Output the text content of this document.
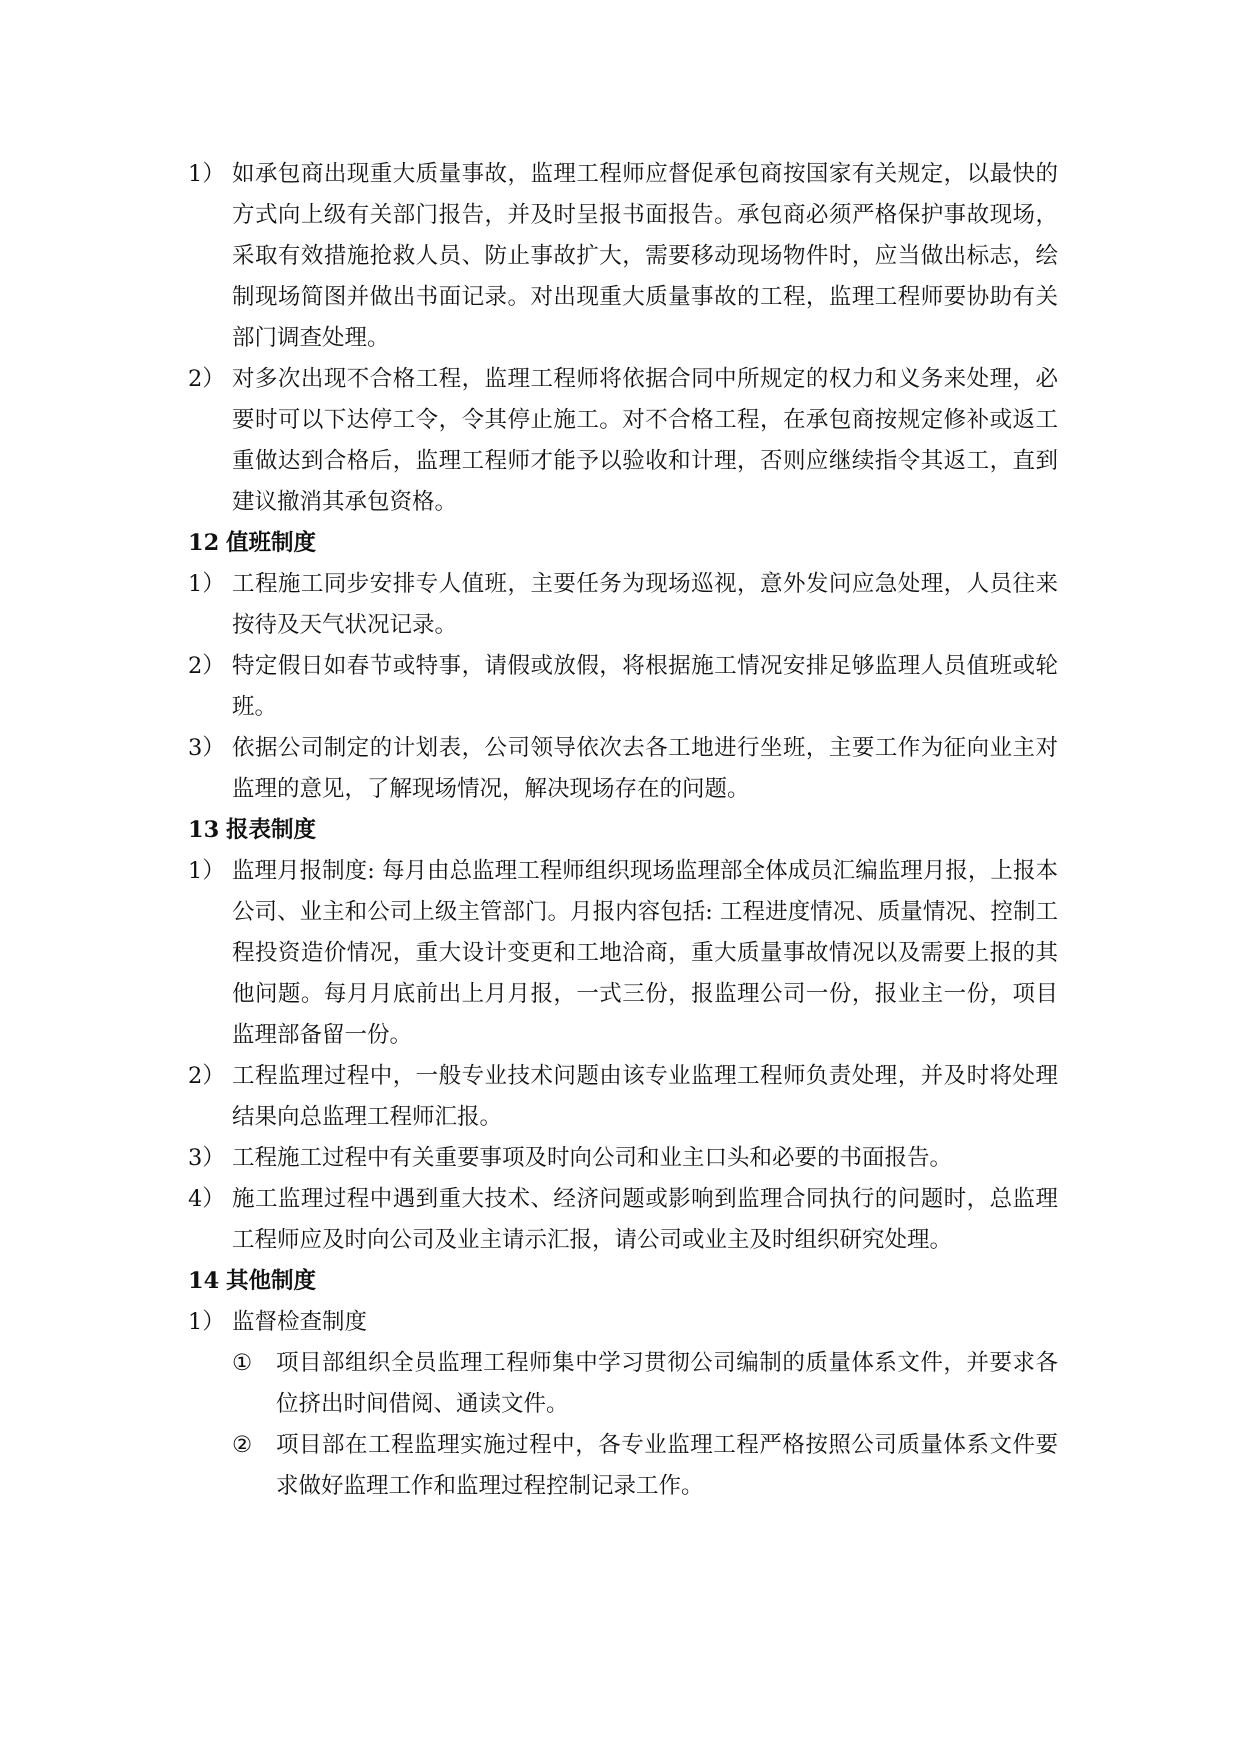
1） 如承包商出现重大质量事故，监理工程师应督促承包商按国家有关规定，以最快的方式向上级有关部门报告，并及时呈报书面报告。承包商必须严格保护事故现场，采取有效措施抢救人员、防止事故扩大，需要移动现场物件时，应当做出标志，绘制现场简图并做出书面记录。对出现重大质量事故的工程，监理工程师要协助有关部门调查处理。
2） 对多次出现不合格工程，监理工程师将依据合同中所规定的权力和义务来处理，必要时可以下达停工令，令其停止施工。对不合格工程，在承包商按规定修补或返工重做达到合格后，监理工程师才能予以验收和计理，否则应继续指令其返工，直到建议撤消其承包资格。
12 值班制度
1） 工程施工同步安排专人值班，主要任务为现场巡视，意外发问应急处理，人员往来按待及天气状况记录。
2） 特定假日如春节或特事，请假或放假，将根据施工情况安排足够监理人员值班或轮班。
3） 依据公司制定的计划表，公司领导依次去各工地进行坐班，主要工作为征向业主对监理的意见，了解现场情况，解决现场存在的问题。
13 报表制度
1） 监理月报制度: 每月由总监理工程师组织现场监理部全体成员汇编监理月报，上报本公司、业主和公司上级主管部门。月报内容包括: 工程进度情况、质量情况、控制工程投资造价情况，重大设计变更和工地洽商，重大质量事故情况以及需要上报的其他问题。每月月底前出上月月报，一式三份，报监理公司一份，报业主一份，项目监理部备留一份。
2） 工程监理过程中，一般专业技术问题由该专业监理工程师负责处理，并及时将处理结果向总监理工程师汇报。
3） 工程施工过程中有关重要事项及时向公司和业主口头和必要的书面报告。
4） 施工监理过程中遇到重大技术、经济问题或影响到监理合同执行的问题时，总监理工程师应及时向公司及业主请示汇报，请公司或业主及时组织研究处理。
14 其他制度
1） 监督检查制度
①	项目部组织全员监理工程师集中学习贯彻公司编制的质量体系文件，并要求各位挤出时间借阅、通读文件。
②	项目部在工程监理实施过程中，各专业监理工程严格按照公司质量体系文件要求做好监理工作和监理过程控制记录工作。
